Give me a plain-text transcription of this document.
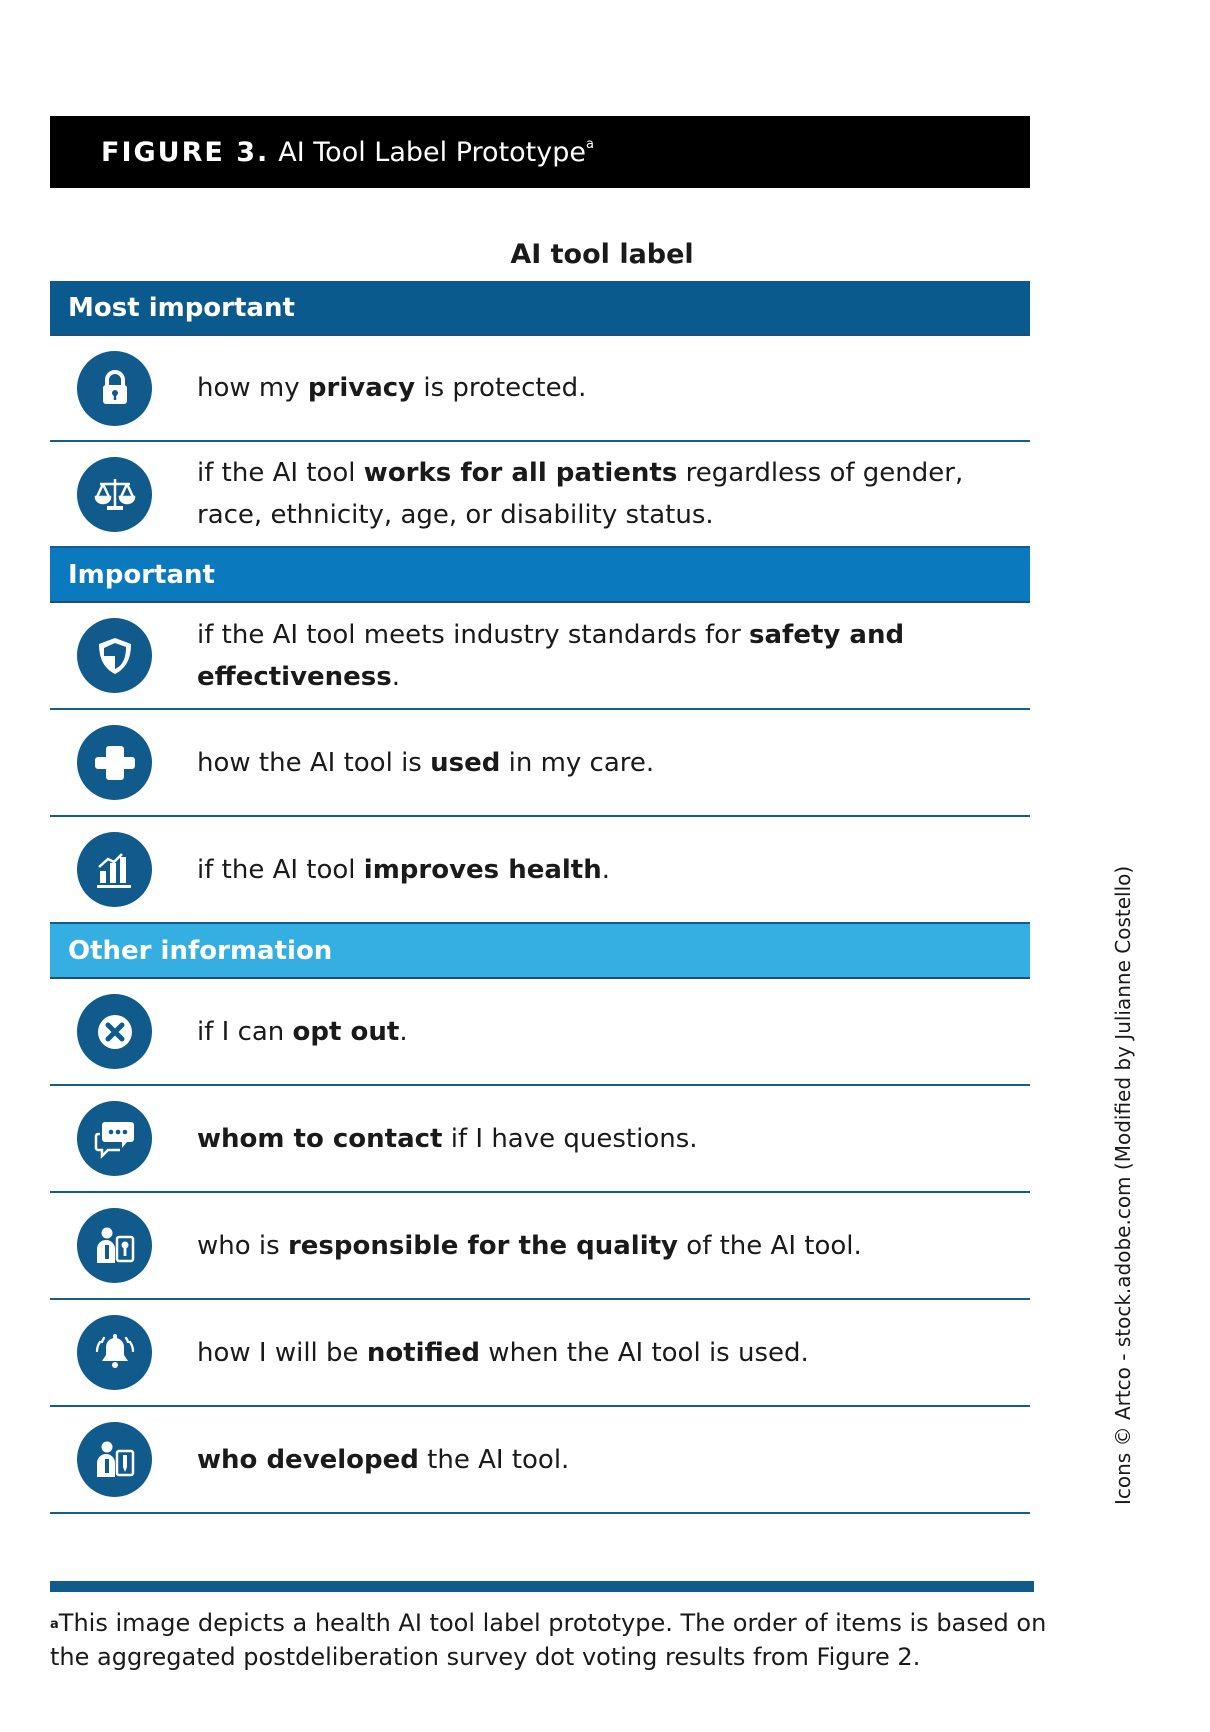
FIGURE 3. AI Tool Label Prototype$^a$
AI tool label
Most important
how my privacy is protected.
if the AI tool works for all patients regardless of gender, race, ethnicity, age, or disability status.
Important
if the AI tool meets industry standards for safety and effectiveness.
how the AI tool is used in my care.
if the AI tool improves health.
Other information
if I can opt out.
whom to contact if I have questions.
who is responsible for the quality of the AI tool.
how I will be notified when the AI tool is used.
who developed the AI tool.
$^a$This image depicts a health AI tool label prototype. The order of items is based on the aggregated postdeliberation survey dot voting results from Figure 2.
Icons © Artco - stock.adobe.com (Modified by Julianne Costello)
